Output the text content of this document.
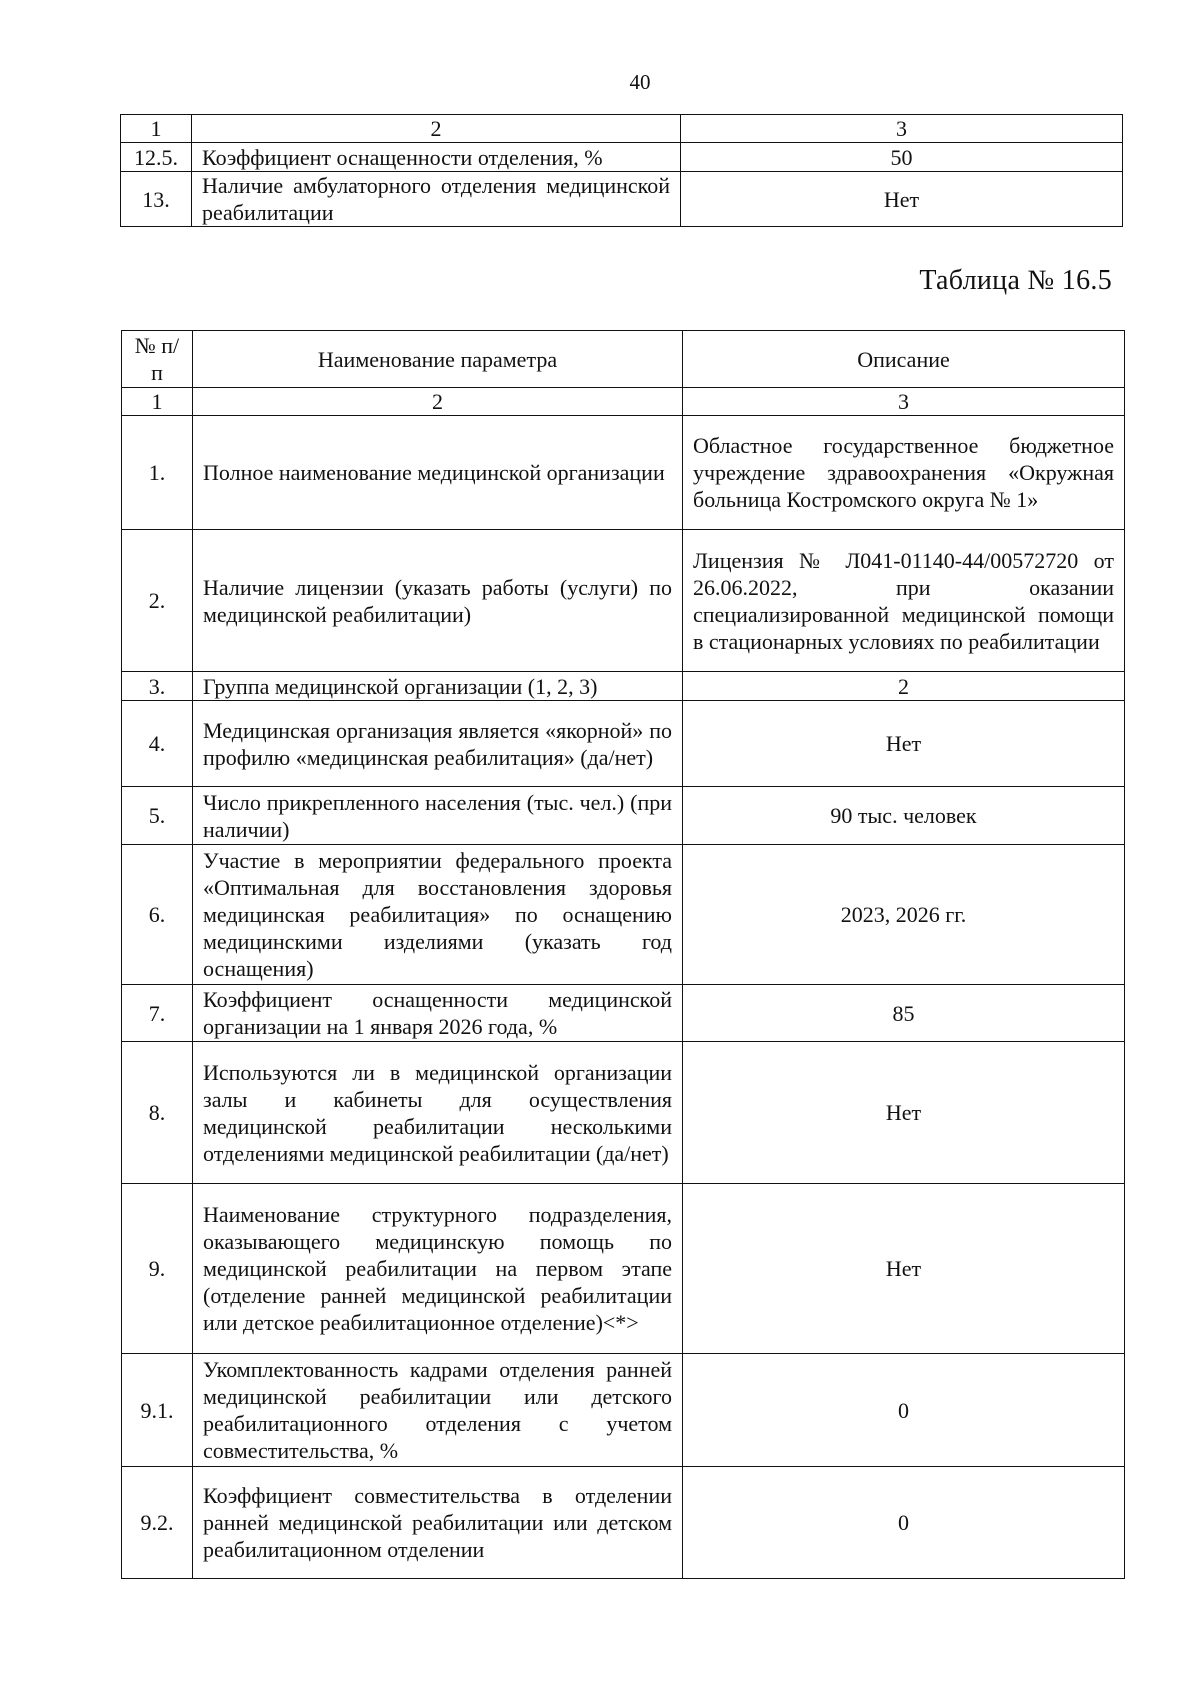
40
1	2	3
12.5.	Коэффициент оснащенности отделения, %	50
13.	Наличие амбулаторного отделения медицинской реабилитации	Нет
Таблица № 16.5
№ п/п	Наименование параметра	Описание
1	2	3
1.	Полное наименование медицинской организации	Областное государственное бюджетное учреждение здравоохранения «Окружная больница Костромского округа № 1»
2.	Наличие лицензии (указать работы (услуги) по медицинской реабилитации)	Лицензия № Л041-01140-44/00572720 от 26.06.2022, при оказании специализированной медицинской помощи в стационарных условиях по реабилитации
3.	Группа медицинской организации (1, 2, 3)	2
4.	Медицинская организация является «якорной» по профилю «медицинская реабилитация» (да/нет)	Нет
5.	Число прикрепленного населения (тыс. чел.) (при наличии)	90 тыс. человек
6.	Участие в мероприятии федерального проекта «Оптимальная для восстановления здоровья медицинская реабилитация» по оснащению медицинскими изделиями (указать год оснащения)	2023, 2026 гг.
7.	Коэффициент оснащенности медицинской организации на 1 января 2026 года, %	85
8.	Используются ли в медицинской организации залы и кабинеты для осуществления медицинской реабилитации несколькими отделениями медицинской реабилитации (да/нет)	Нет
9.	Наименование структурного подразделения, оказывающего медицинскую помощь по медицинской реабилитации на первом этапе (отделение ранней медицинской реабилитации или детское реабилитационное отделение)<*>	Нет
9.1.	Укомплектованность кадрами отделения ранней медицинской реабилитации или детского реабилитационного отделения с учетом совместительства, %	0
9.2.	Коэффициент совместительства в отделении ранней медицинской реабилитации или детском реабилитационном отделении	0
